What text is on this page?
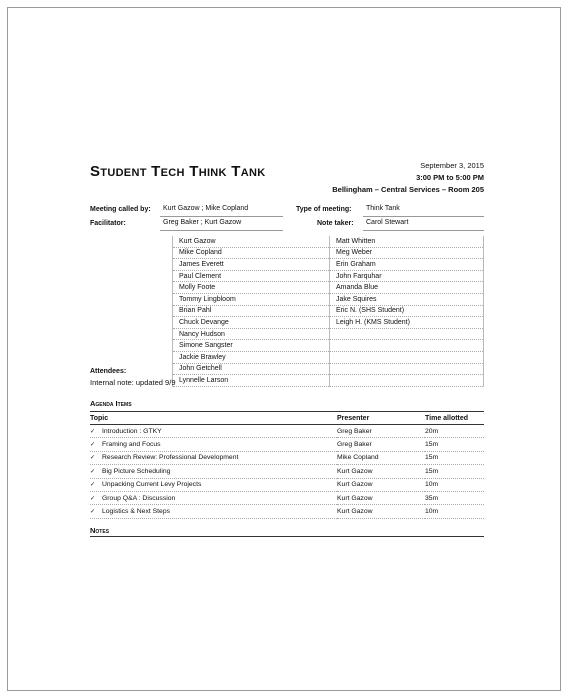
Student Tech Think Tank	September 3, 2015
3:00 PM to 5:00 PM
Bellingham – Central Services – Room 205
Meeting called by:	Kurt Gazow ; Mike Copland	Type of meeting:	Think Tank
Facilitator:	Greg Baker ; Kurt Gazow	Note taker:	Carol Stewart
Kurt Gazow	Matt Whitten
Mike Copland	Meg Weber
James Everett	Erin Graham
Paul Clement	John Farquhar
Molly Foote	Amanda Blue
Tommy Lingbloom	Jake Squires
Brian Pahl	Eric N. (SHS Student)
Chuck Devange	Leigh H. (KMS Student)
Nancy Hudson	
Simone Sangster	
Jackie Brawley	
John Getchell	
Lynnelle Larson	
Attendees:
Internal note: updated 9/9
Agenda Items
Topic	Presenter	Time allotted
✓ Introduction : GTKY	Greg Baker	20m
✓ Framing and Focus	Greg Baker	15m
✓ Research Review: Professional Development	Mike Copland	15m
✓ Big Picture Scheduling	Kurt Gazow	15m
✓ Unpacking Current Levy Projects	Kurt Gazow	10m
✓ Group Q&A : Discussion	Kurt Gazow	35m
✓ Logistics & Next Steps	Kurt Gazow	10m
Notes
